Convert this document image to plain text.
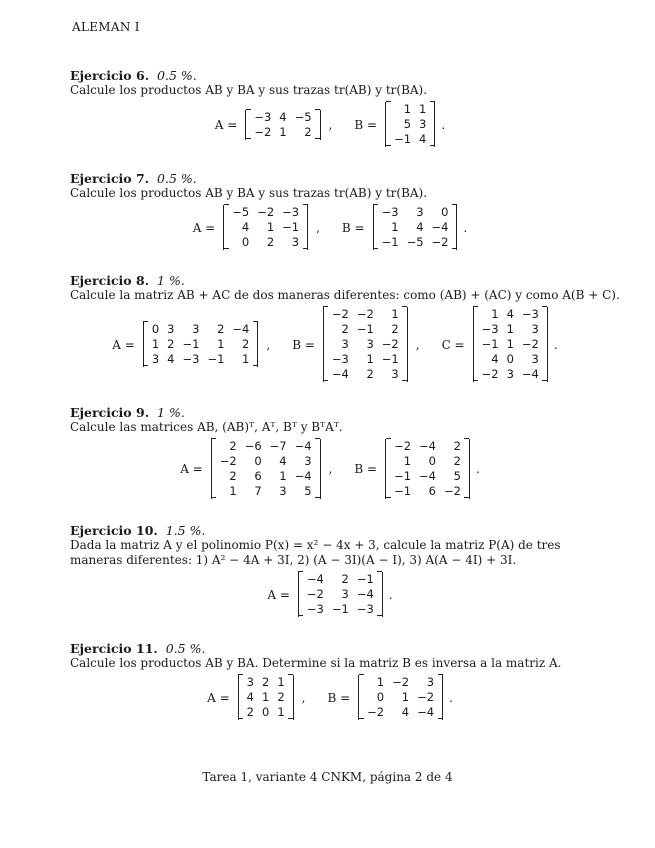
ALEMAN I
Ejercicio 6. 0.5 %.
Calcule los productos AB y BA y sus trazas tr(AB) y tr(BA).
A =
−3	4	−5
−2	1	2 , B =
1	1
5	3
−1	4

.
Ejercicio 7. 0.5 %.
Calcule los productos AB y BA y sus trazas tr(AB) y tr(BA).
A =
−5	−2	−3
4	1	−1
0	2	3

, B =
−3	3	0
1	4	−4
−1	−5	−2

.
Ejercicio 8. 1 %.
Calcule la matriz AB + AC de dos maneras diferentes: como (AB) + (AC) y como A(B + C).
A =
0	3	3	2	−4
1	2	−1	1	2
3	4	−3	−1	1

, B =
−2	−2	1
2	−1	2
3	3	−2
−3	1	−1
−4	2	3

, C =
1	4	−3
−3	1	3
−1	1	−2
4	0	3
−2	3	−4

.
Ejercicio 9. 1 %.
Calcule las matrices AB, (AB)ᵀ, Aᵀ, Bᵀ y BᵀAᵀ.
A =
2	−6	−7	−4
−2	0	4	3
2	6	1	−4
1	7	3	5

, B =
−2	−4	2
1	0	2
−1	−4	5
−1	6	−2

.
Ejercicio 10. 1.5 %.
Dada la matriz A y el polinomio P(x) = x² − 4x + 3, calcule la matriz P(A) de tres maneras diferentes: 1) A² − 4A + 3I, 2) (A − 3I)(A − I), 3) A(A − 4I) + 3I.
A =
−4	2	−1
−2	3	−4
−3	−1	−3

.
Ejercicio 11. 0.5 %.
Calcule los productos AB y BA. Determine si la matriz B es inversa a la matriz A.
A =
3	2	1
4	1	2
2	0	1

, B =
1	−2	3
0	1	−2
−2	4	−4

.
Tarea 1, variante 4 CNKM, página 2 de 4
